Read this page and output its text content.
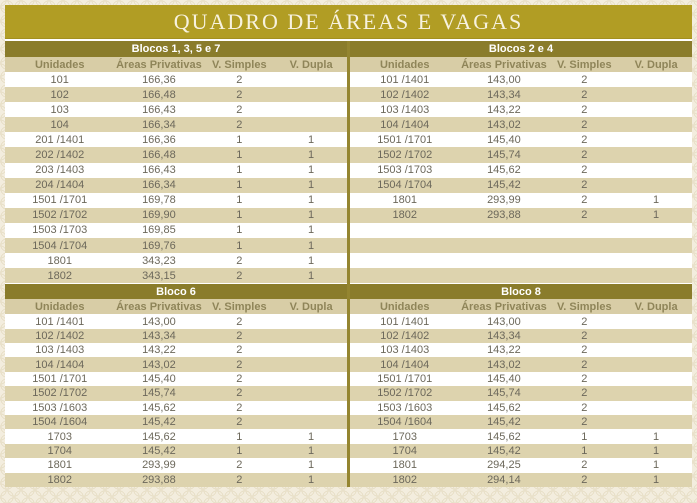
QUADRO DE ÁREAS E VAGAS
Blocos 1, 3, 5 e 7
Unidades	Áreas Privativas	V. Simples	V. Dupla
101	166,36	2	
102	166,48	2	
103	166,43	2	
104	166,34	2	
201 /1401	166,36	1	1
202 /1402	166,48	1	1
203 /1403	166,43	1	1
204 /1404	166,34	1	1
1501 /1701	169,78	1	1
1502 /1702	169,90	1	1
1503 /1703	169,85	1	1
1504 /1704	169,76	1	1
1801	343,23	2	1
1802	343,15	2	1
Bloco 6
Unidades	Áreas Privativas	V. Simples	V. Dupla
101 /1401	143,00	2	
102 /1402	143,34	2	
103 /1403	143,22	2	
104 /1404	143,02	2	
1501 /1701	145,40	2	
1502 /1702	145,74	2	
1503 /1603	145,62	2	
1504 /1604	145,42	2	
1703	145,62	1	1
1704	145,42	1	1
1801	293,99	2	1
1802	293,88	2	1
Blocos 2 e 4
Unidades	Áreas Privativas	V. Simples	V. Dupla
101 /1401	143,00	2	
102 /1402	143,34	2	
103 /1403	143,22	2	
104 /1404	143,02	2	
1501 /1701	145,40	2	
1502 /1702	145,74	2	
1503 /1703	145,62	2	
1504 /1704	145,42	2	
1801	293,99	2	1
1802	293,88	2	1

Bloco 8
Unidades	Áreas Privativas	V. Simples	V. Dupla
101 /1401	143,00	2	
102 /1402	143,34	2	
103 /1403	143,22	2	
104 /1404	143,02	2	
1501 /1701	145,40	2	
1502 /1702	145,74	2	
1503 /1603	145,62	2	
1504 /1604	145,42	2	
1703	145,62	1	1
1704	145,42	1	1
1801	294,25	2	1
1802	294,14	2	1
